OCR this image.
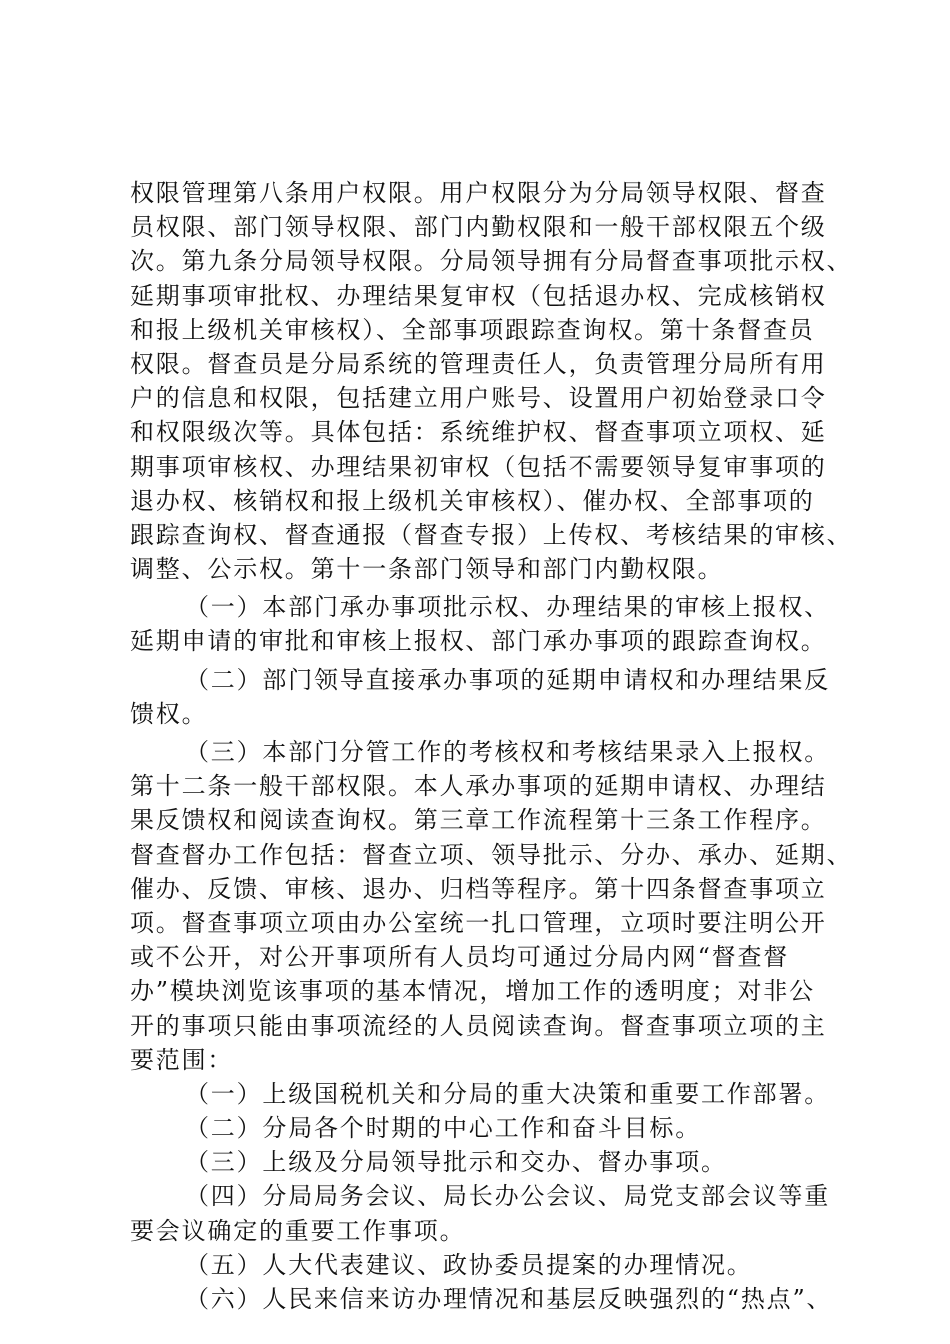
权限管理第八条用户权限。用户权限分为分局领导权限、督查
员权限、部门领导权限、部门内勤权限和一般干部权限五个级
次。第九条分局领导权限。分局领导拥有分局督查事项批示权、
延期事项审批权、办理结果复审权（包括退办权、完成核销权
和报上级机关审核权）、全部事项跟踪查询权。第十条督查员
权限。督查员是分局系统的管理责任人，负责管理分局所有用
户的信息和权限，包括建立用户账号、设置用户初始登录口令
和权限级次等。具体包括：系统维护权、督查事项立项权、延
期事项审核权、办理结果初审权（包括不需要领导复审事项的
退办权、核销权和报上级机关审核权）、催办权、全部事项的
跟踪查询权、督查通报（督查专报）上传权、考核结果的审核、
调整、公示权。第十一条部门领导和部门内勤权限。
（一）本部门承办事项批示权、办理结果的审核上报权、
延期申请的审批和审核上报权、部门承办事项的跟踪查询权。
（二）部门领导直接承办事项的延期申请权和办理结果反
馈权。
（三）本部门分管工作的考核权和考核结果录入上报权。
第十二条一般干部权限。本人承办事项的延期申请权、办理结
果反馈权和阅读查询权。第三章工作流程第十三条工作程序。
督查督办工作包括：督查立项、领导批示、分办、承办、延期、
催办、反馈、审核、退办、归档等程序。第十四条督查事项立
项。督查事项立项由办公室统一扎口管理，立项时要注明公开
或不公开，对公开事项所有人员均可通过分局内网“督查督
办”模块浏览该事项的基本情况，增加工作的透明度；对非公
开的事项只能由事项流经的人员阅读查询。督查事项立项的主
要范围：
（一）上级国税机关和分局的重大决策和重要工作部署。
（二）分局各个时期的中心工作和奋斗目标。
（三）上级及分局领导批示和交办、督办事项。
（四）分局局务会议、局长办公会议、局党支部会议等重
要会议确定的重要工作事项。
（五）人大代表建议、政协委员提案的办理情况。
（六）人民来信来访办理情况和基层反映强烈的“热点”、
